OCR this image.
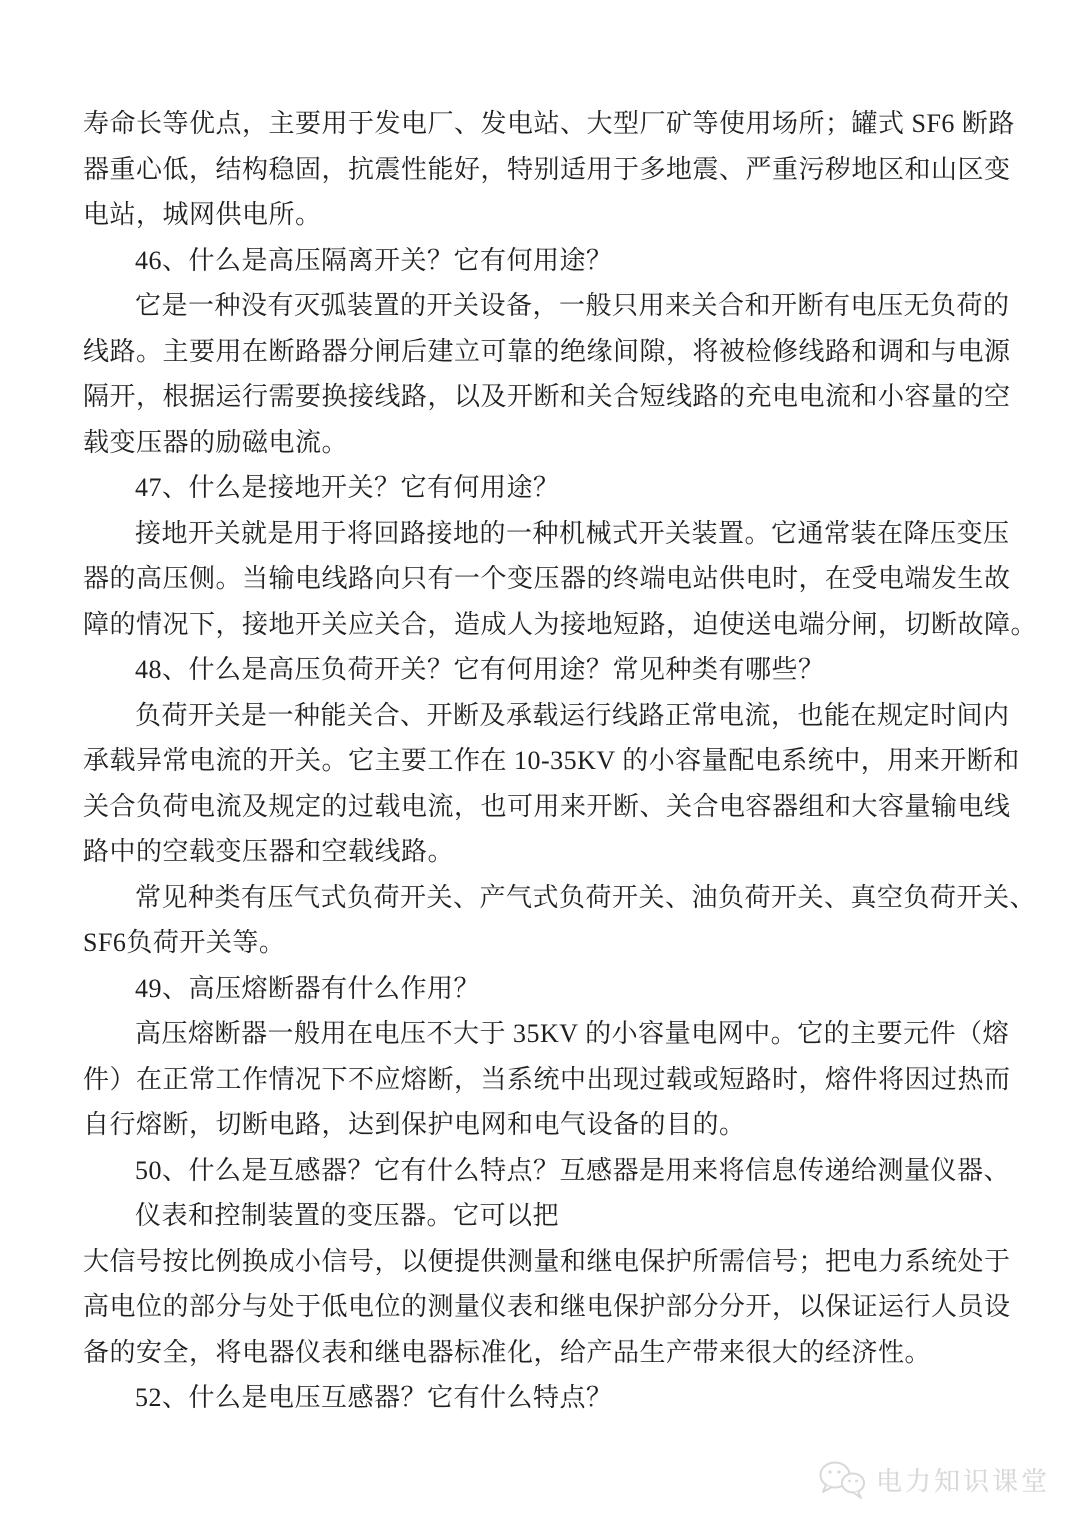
寿命长等优点，主要用于发电厂、发电站、大型厂矿等使用场所；罐式 SF6 断路
器重心低，结构稳固，抗震性能好，特别适用于多地震、严重污秽地区和山区变
电站，城网供电所。
46、什么是高压隔离开关？它有何用途？
它是一种没有灭弧装置的开关设备，一般只用来关合和开断有电压无负荷的
线路。主要用在断路器分闸后建立可靠的绝缘间隙，将被检修线路和调和与电源
隔开，根据运行需要换接线路，以及开断和关合短线路的充电电流和小容量的空
载变压器的励磁电流。
47、什么是接地开关？它有何用途？
接地开关就是用于将回路接地的一种机械式开关装置。它通常装在降压变压
器的高压侧。当输电线路向只有一个变压器的终端电站供电时，在受电端发生故
障的情况下，接地开关应关合，造成人为接地短路，迫使送电端分闸，切断故障。
48、什么是高压负荷开关？它有何用途？常见种类有哪些？
负荷开关是一种能关合、开断及承载运行线路正常电流，也能在规定时间内
承载异常电流的开关。它主要工作在 10-35KV 的小容量配电系统中，用来开断和
关合负荷电流及规定的过载电流，也可用来开断、关合电容器组和大容量输电线
路中的空载变压器和空载线路。
常见种类有压气式负荷开关、产气式负荷开关、油负荷开关、真空负荷开关、
SF6负荷开关等。
49、高压熔断器有什么作用？
高压熔断器一般用在电压不大于 35KV 的小容量电网中。它的主要元件（熔
件）在正常工作情况下不应熔断，当系统中出现过载或短路时，熔件将因过热而
自行熔断，切断电路，达到保护电网和电气设备的目的。
50、什么是互感器？它有什么特点？互感器是用来将信息传递给测量仪器、
仪表和控制装置的变压器。它可以把
大信号按比例换成小信号，以便提供测量和继电保护所需信号；把电力系统处于
高电位的部分与处于低电位的测量仪表和继电保护部分分开，以保证运行人员设
备的安全，将电器仪表和继电器标准化，给产品生产带来很大的经济性。
52、什么是电压互感器？它有什么特点？
电力知识课堂
